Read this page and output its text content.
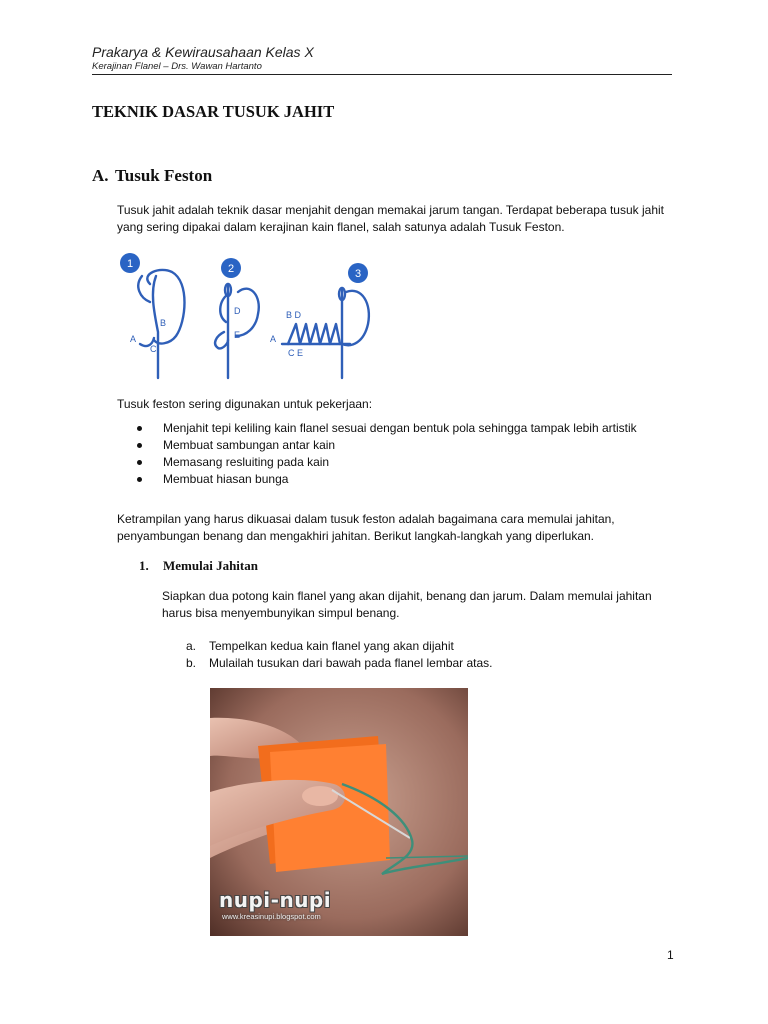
Prakarya & Kewirausahaan Kelas X
Kerajinan Flanel – Drs. Wawan Hartanto
TEKNIK DASAR TUSUK JAHIT
A. Tusuk Feston
Tusuk jahit adalah teknik dasar menjahit dengan memakai jarum tangan. Terdapat beberapa tusuk jahit yang sering dipakai dalam kerajinan kain flanel, salah satunya adalah Tusuk Feston.
1	2	3
A
B
C
D
E
B D
A
C E
Tusuk feston sering digunakan untuk pekerjaan:
Menjahit tepi keliling kain flanel sesuai dengan bentuk pola sehingga tampak lebih artistik
Membuat sambungan antar kain
Memasang resluiting pada kain
Membuat hiasan bunga
Ketrampilan yang harus dikuasai dalam tusuk feston adalah bagaimana cara memulai jahitan, penyambungan benang dan mengakhiri jahitan. Berikut langkah-langkah yang diperlukan.
1. Memulai Jahitan
Siapkan dua potong kain flanel yang akan dijahit, benang dan jarum. Dalam memulai jahitan harus bisa menyembunyikan simpul benang.
a. Tempelkan kedua kain flanel yang akan dijahit
b. Mulailah tusukan dari bawah pada flanel lembar atas.
nupi-nupi
www.kreasinupi.blogspot.com
1
